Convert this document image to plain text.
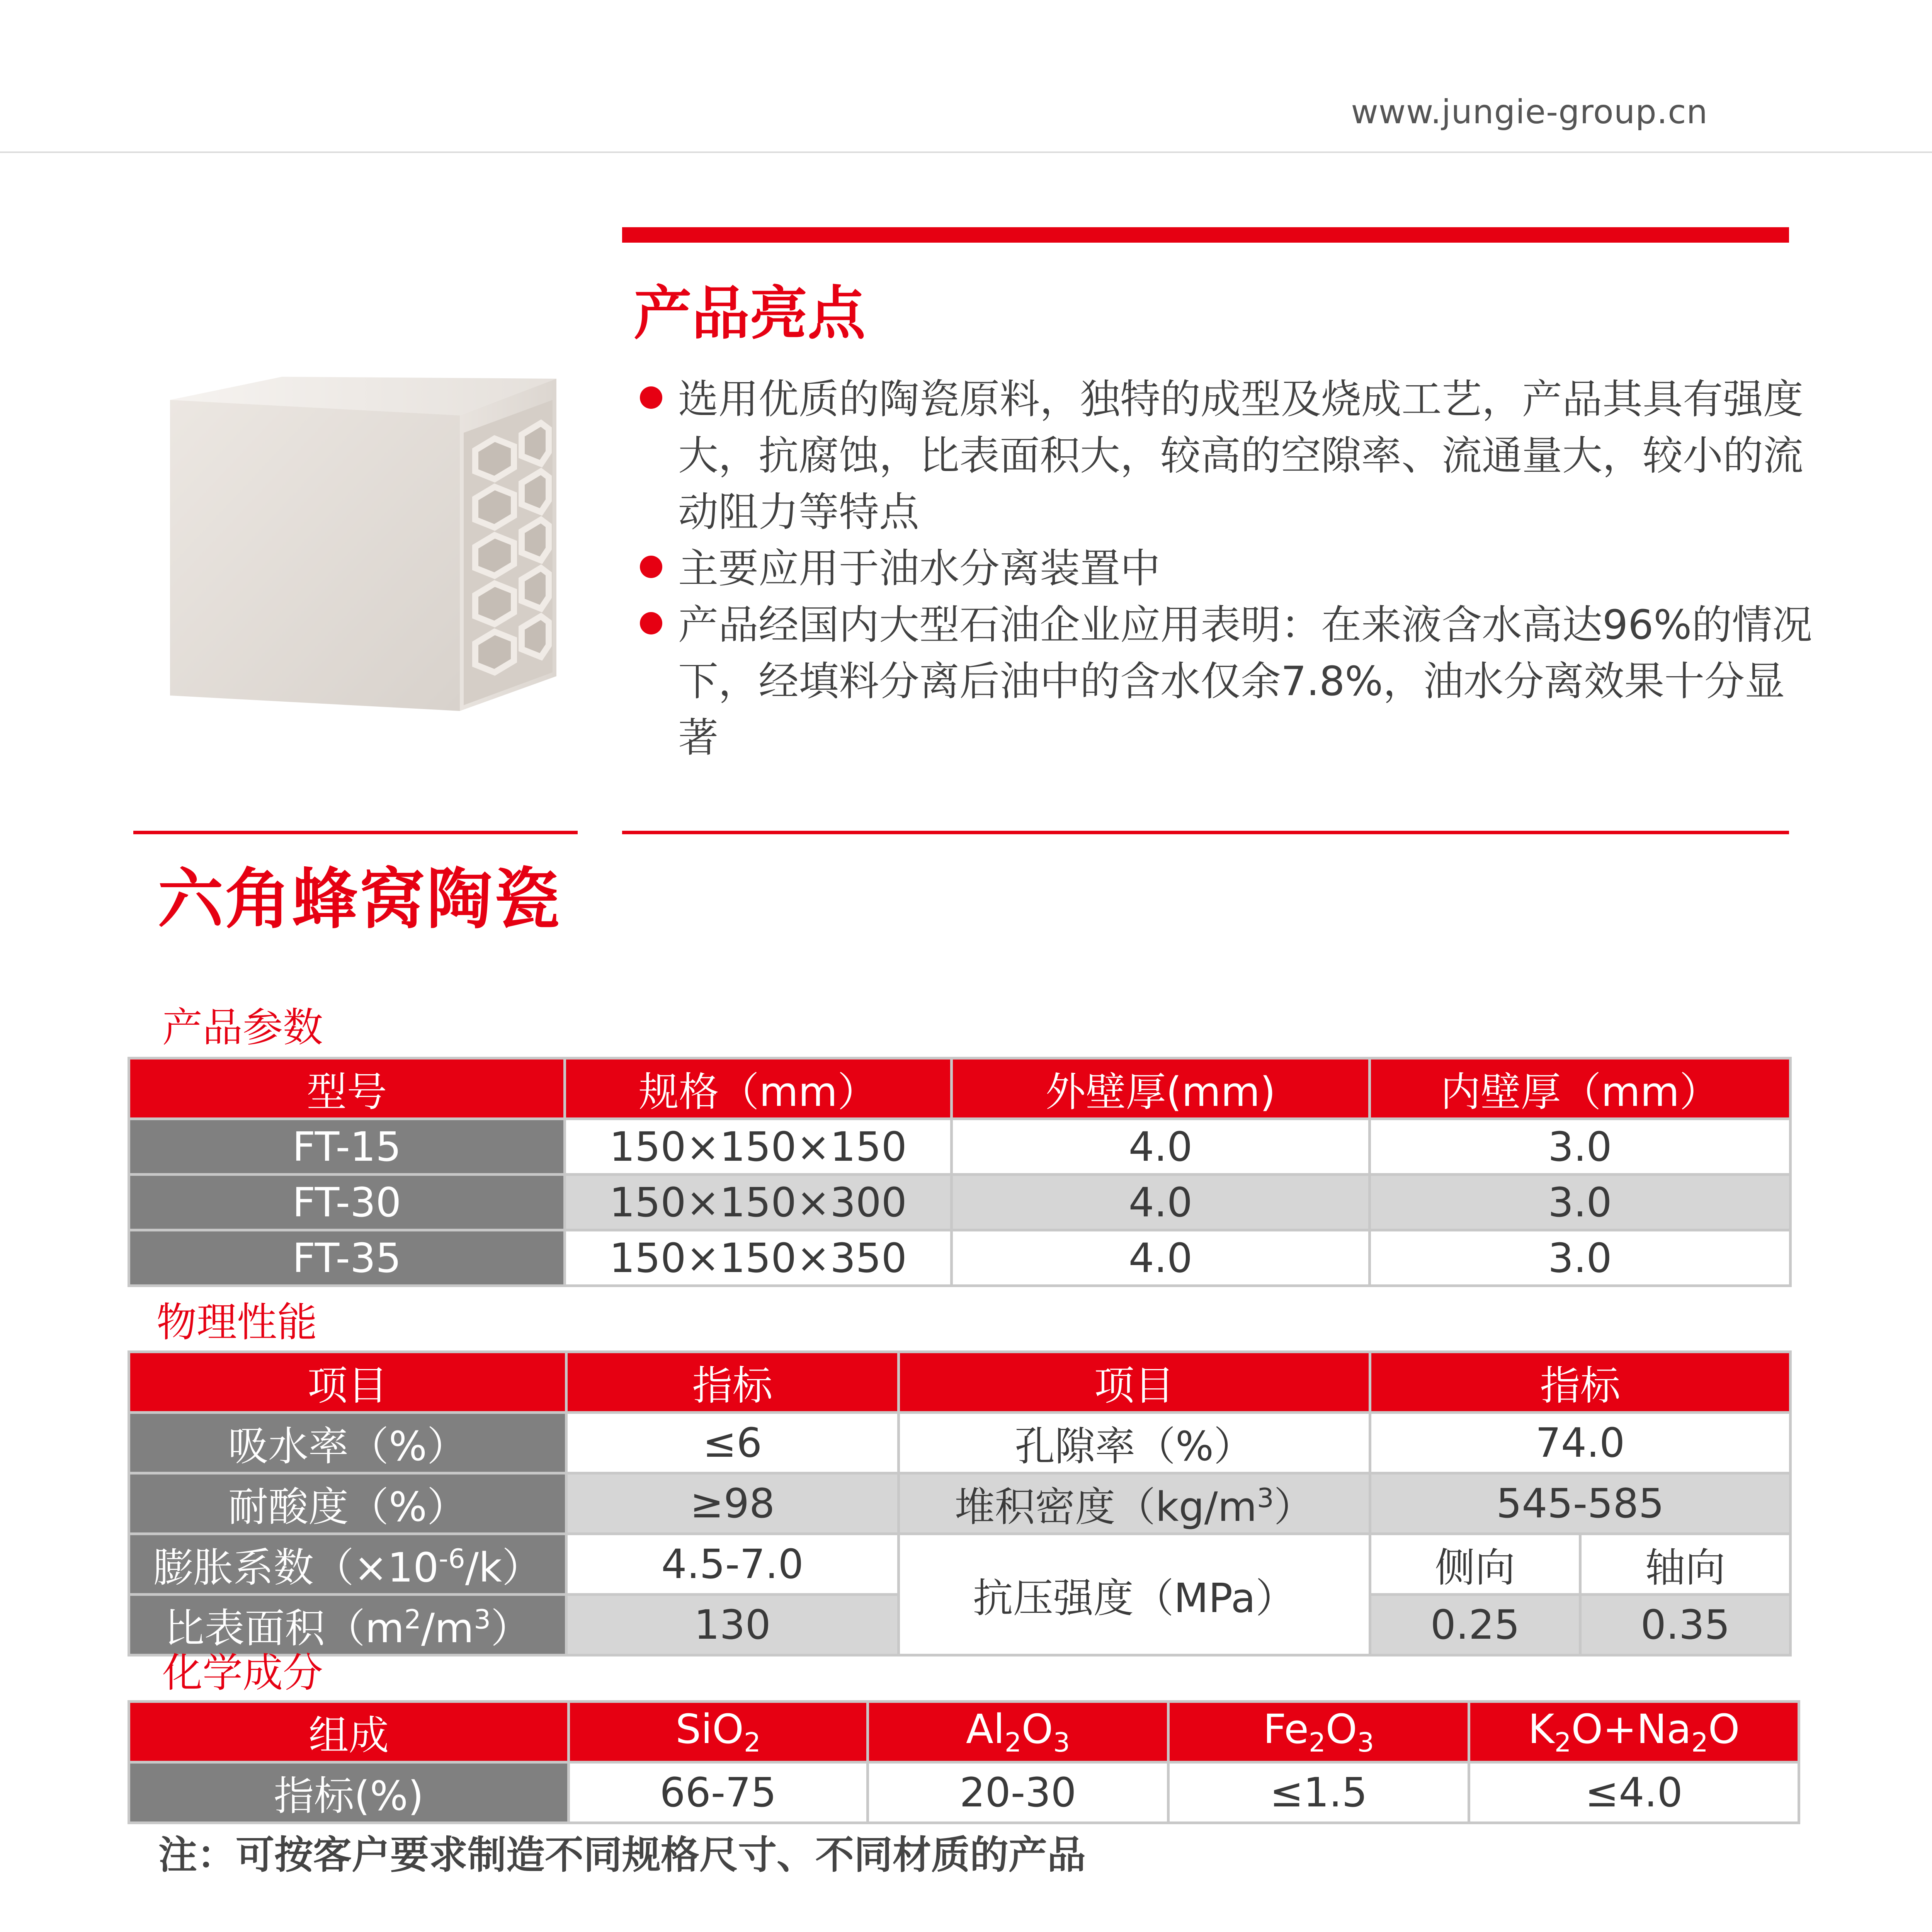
www.jungie-group.cn
产品亮点
选用优质的陶瓷原料，独特的成型及烧成工艺，产品其具有强度大，抗腐蚀，比表面积大，较高的空隙率、流通量大，较小的流动阻力等特点
主要应用于油水分离装置中
产品经国内大型石油企业应用表明：在来液含水高达96%的情况下，经填料分离后油中的含水仅余7.8%，油水分离效果十分显著
六角蜂窝陶瓷
产品参数
型号	规格（mm）	外壁厚(mm)	内壁厚（mm）
FT-15	150×150×150	4.0	3.0
FT-30	150×150×300	4.0	3.0
FT-35	150×150×350	4.0	3.0
物理性能
项目	指标	项目	指标	
吸水率（%）	≤6	孔隙率（%）	74.0	
耐酸度（%）	≥98	堆积密度$(kg/m^3)$	545-585	
膨胀系数$(\times 10^{-6}/k)$	4.5-7.0	抗压强度（MPa）	侧向	轴向
比表面积$(m^2/m^3)$	130		0.25	0.35
化学成分
组成	SiO$_2$	$Al_2O_3$	$Fe_2O_3$	$K_2O+Na_2O$
指标(%)	66-75	20-30	≤1.5	≤4.0
注：可按客户要求制造不同规格尺寸、不同材质的产品
